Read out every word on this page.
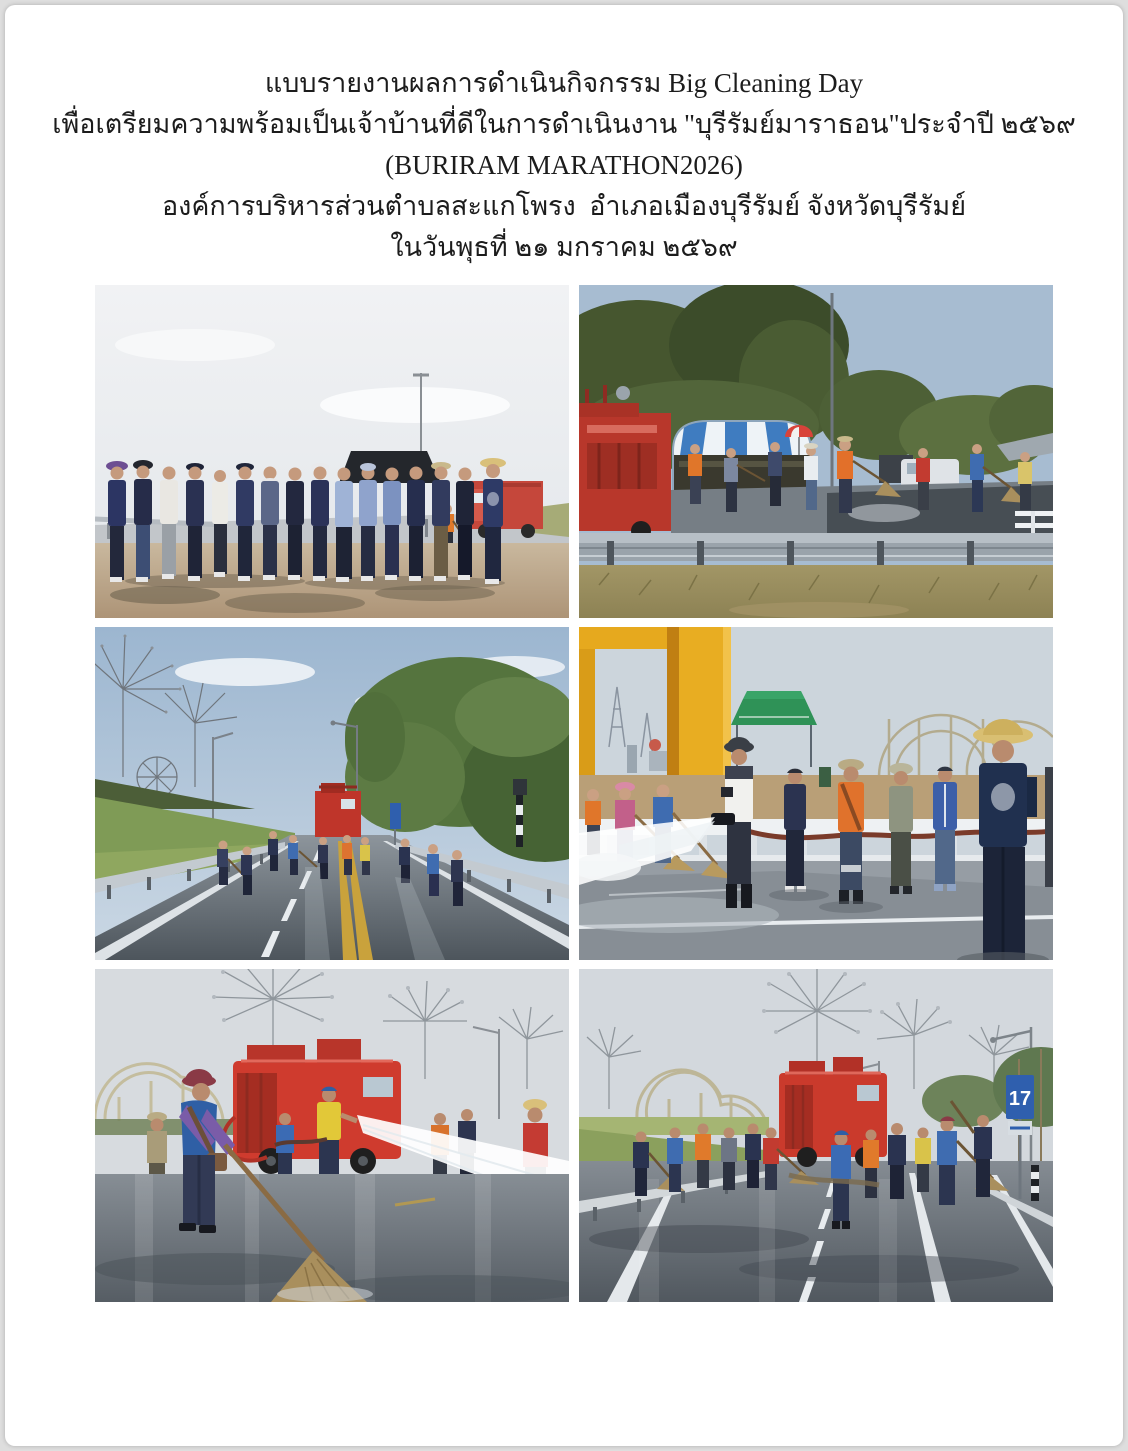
แบบรายงานผลการดำเนินกิจกรรม Big Cleaning Day
เพื่อเตรียมความพร้อมเป็นเจ้าบ้านที่ดีในการดำเนินงาน "บุรีรัมย์มาราธอน"ประจำปี ๒๕๖๙
(BURIRAM MARATHON2026)
องค์การบริหารส่วนตำบลสะแกโพรง  อำเภอเมืองบุรีรัมย์ จังหวัดบุรีรัมย์
ในวันพุธที่ ๒๑ มกราคม ๒๕๖๙
17
